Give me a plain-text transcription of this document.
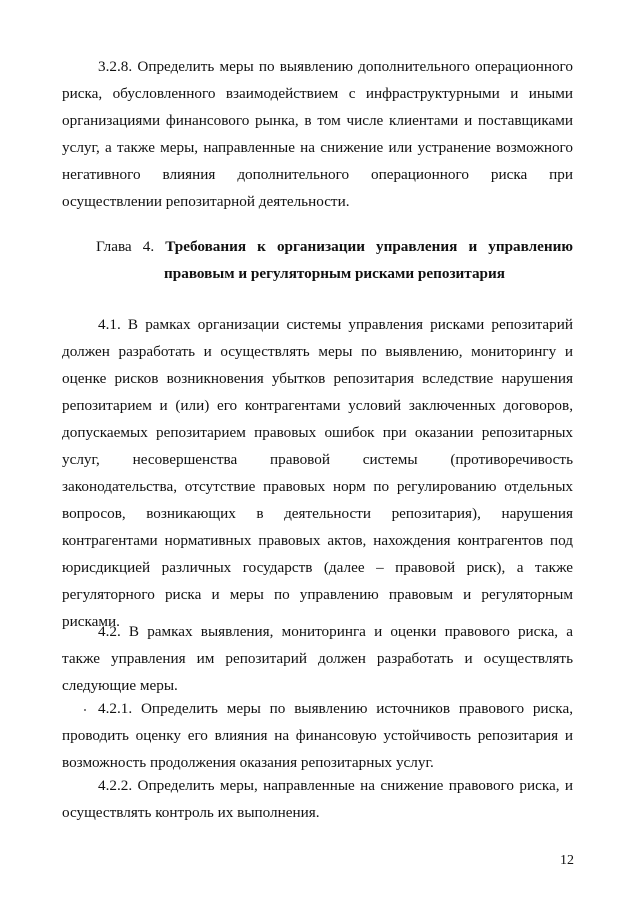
3.2.8. Определить меры по выявлению дополнительного операционного
риска, обусловленного взаимодействием с инфраструктурными и иными
организациями финансового рынка, в том числе клиентами и поставщиками
услуг, а также меры, направленные на снижение или устранение возможного
негативного влияния дополнительного операционного риска при
осуществлении репозитарной деятельности.
Глава 4. Требования к организации управления и управлению
правовым и регуляторным рисками репозитария
4.1. В рамках организации системы управления рисками репозитарий
должен разработать и осуществлять меры по выявлению, мониторингу и
оценке рисков возникновения убытков репозитария вследствие нарушения
репозитарием и (или) его контрагентами условий заключенных договоров,
допускаемых репозитарием правовых ошибок при оказании репозитарных
услуг, несовершенства правовой системы (противоречивость
законодательства, отсутствие правовых норм по регулированию отдельных
вопросов, возникающих в деятельности репозитария), нарушения
контрагентами нормативных правовых актов, нахождения контрагентов под
юрисдикцией различных государств (далее – правовой риск), а также
регуляторного риска и меры по управлению правовым и регуляторным
рисками.
4.2. В рамках выявления, мониторинга и оценки правового риска, а
также управления им репозитарий должен разработать и осуществлять
следующие меры.
4.2.1. Определить меры по выявлению источников правового риска,
проводить оценку его влияния на финансовую устойчивость репозитария и
возможность продолжения оказания репозитарных услуг.
4.2.2. Определить меры, направленные на снижение правового риска, и
осуществлять контроль их выполнения.
12
